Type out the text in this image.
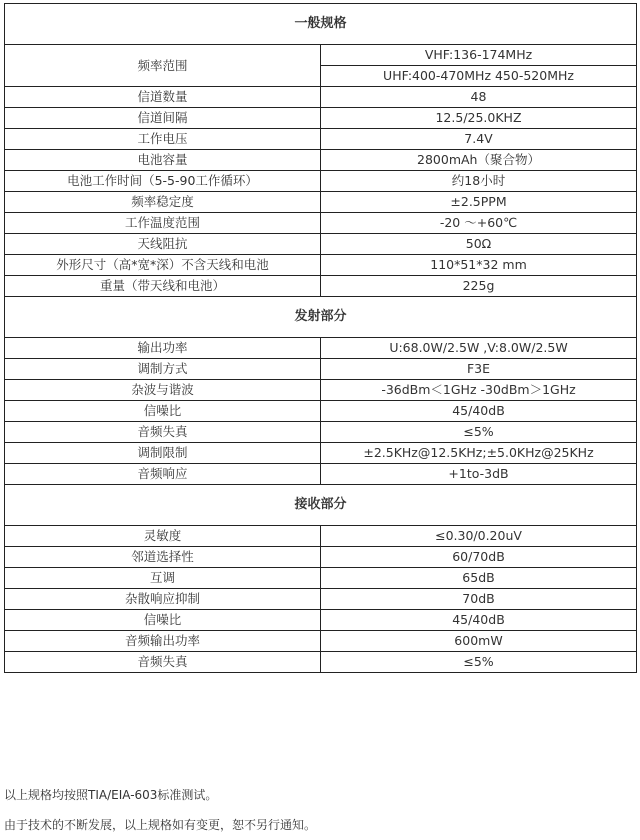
一般规格	
频率范围	VHF:136-174MHz
	UHF:400-470MHz 450-520MHz
信道数量	48
信道间隔	12.5/25.0KHZ
工作电压	7.4V
电池容量	2800mAh（聚合物）
电池工作时间（5-5-90工作循环）	约18小时
频率稳定度	±2.5PPM
工作温度范围	-20 ～+60℃
天线阻抗	50Ω
外形尺寸（高*宽*深）不含天线和电池	110*51*32 mm
重量（带天线和电池）	225g
发射部分	
输出功率	U:68.0W/2.5W ,V:8.0W/2.5W
调制方式	F3E
杂波与谐波	-36dBm＜1GHz -30dBm＞1GHz
信噪比	45/40dB
音频失真	≤5%
调制限制	±2.5KHz@12.5KHz;±5.0KHz@25KHz
音频响应	+1to-3dB
接收部分	
灵敏度	≤0.30/0.20uV
邻道选择性	60/70dB
互调	65dB
杂散响应抑制	70dB
信噪比	45/40dB
音频输出功率	600mW
音频失真	≤5%

以上规格均按照TIA/EIA-603标准测试。

由于技术的不断发展，以上规格如有变更，恕不另行通知。
